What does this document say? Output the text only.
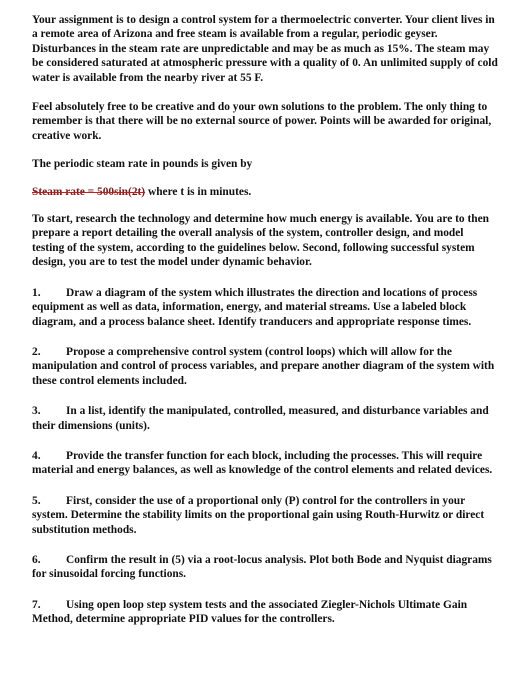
Your assignment is to design a control system for a thermoelectric converter. Your client lives in a remote area of Arizona and free steam is available from a regular, periodic geyser. Disturbances in the steam rate are unpredictable and may be as much as 15%. The steam may be considered saturated at atmospheric pressure with a quality of 0. An unlimited supply of cold water is available from the nearby river at 55 F.

Feel absolutely free to be creative and do your own solutions to the problem. The only thing to remember is that there will be no external source of power. Points will be awarded for original, creative work.

The periodic steam rate in pounds is given by

Steam rate = 500sin(2t) where t is in minutes.

To start, research the technology and determine how much energy is available. You are to then prepare a report detailing the overall analysis of the system, controller design, and model testing of the system, according to the guidelines below. Second, following successful system design, you are to test the model under dynamic behavior.

1. Draw a diagram of the system which illustrates the direction and locations of process equipment as well as data, information, energy, and material streams. Use a labeled block diagram, and a process balance sheet. Identify tranducers and appropriate response times.

2. Propose a comprehensive control system (control loops) which will allow for the manipulation and control of process variables, and prepare another diagram of the system with these control elements included.

3. In a list, identify the manipulated, controlled, measured, and disturbance variables and their dimensions (units).

4. Provide the transfer function for each block, including the processes. This will require material and energy balances, as well as knowledge of the control elements and related devices.

5. First, consider the use of a proportional only (P) control for the controllers in your system. Determine the stability limits on the proportional gain using Routh-Hurwitz or direct substitution methods.

6. Confirm the result in (5) via a root-locus analysis. Plot both Bode and Nyquist diagrams for sinusoidal forcing functions.

7. Using open loop step system tests and the associated Ziegler-Nichols Ultimate Gain Method, determine appropriate PID values for the controllers.
